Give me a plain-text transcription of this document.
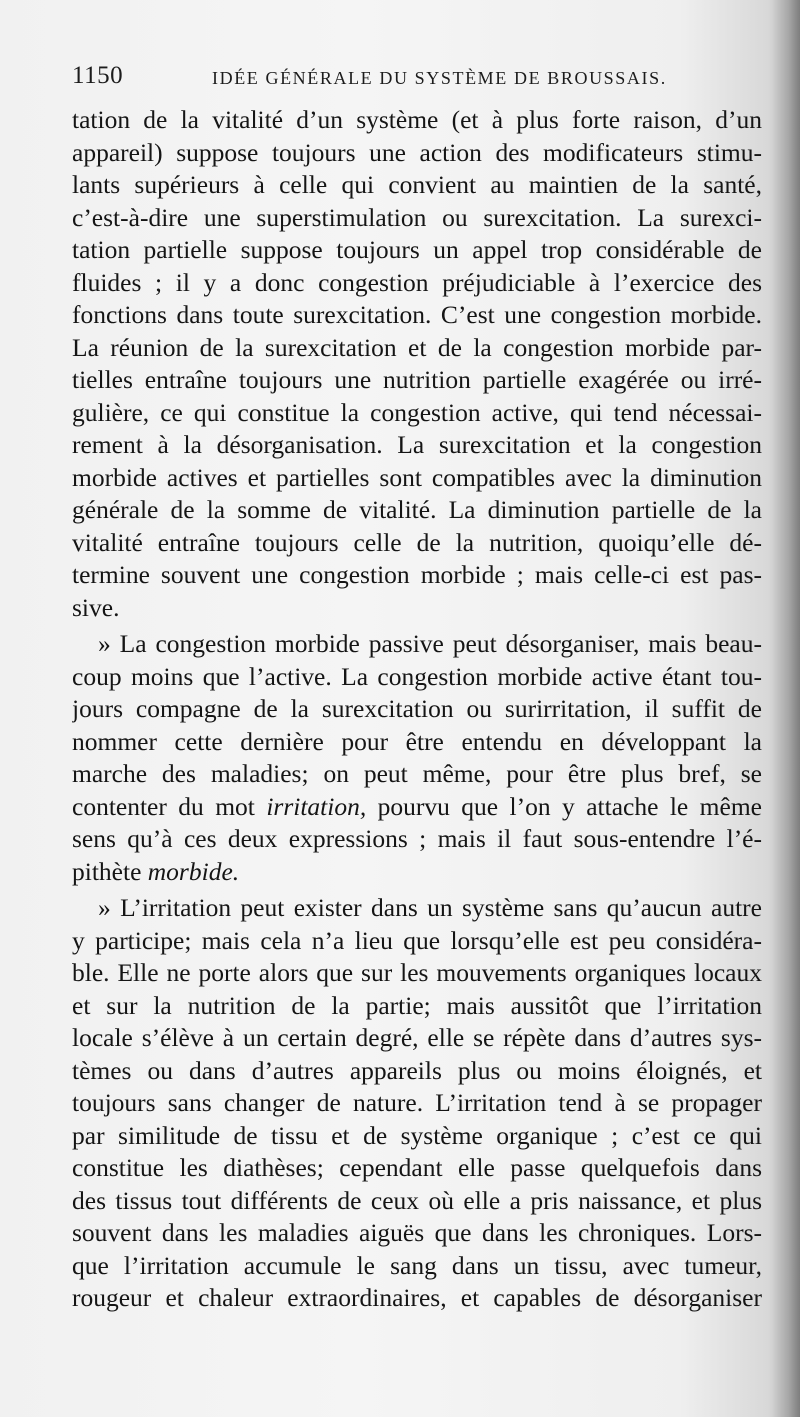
1150	IDÉE GÉNÉRALE DU SYSTÈME DE BROUSSAIS.
tation de la vitalité d’un système (et à plus forte raison, d’un
appareil) suppose toujours une action des modificateurs stimu-
lants supérieurs à celle qui convient au maintien de la santé,
c’est-à-dire une superstimulation ou surexcitation. La surexci-
tation partielle suppose toujours un appel trop considérable de
fluides ; il y a donc congestion préjudiciable à l’exercice des
fonctions dans toute surexcitation. C’est une congestion morbide.
La réunion de la surexcitation et de la congestion morbide par-
tielles entraîne toujours une nutrition partielle exagérée ou irré-
gulière, ce qui constitue la congestion active, qui tend nécessai-
rement à la désorganisation. La surexcitation et la congestion
morbide actives et partielles sont compatibles avec la diminution
générale de la somme de vitalité. La diminution partielle de la
vitalité entraîne toujours celle de la nutrition, quoiqu’elle dé-
termine souvent une congestion morbide ; mais celle-ci est pas-
sive.
» La congestion morbide passive peut désorganiser, mais beau-
coup moins que l’active. La congestion morbide active étant tou-
jours compagne de la surexcitation ou surirritation, il suffit de
nommer cette dernière pour être entendu en développant la
marche des maladies; on peut même, pour être plus bref, se
contenter du mot irritation, pourvu que l’on y attache le même
sens qu’à ces deux expressions ; mais il faut sous-entendre l’é-
pithète morbide.
» L’irritation peut exister dans un système sans qu’aucun autre
y participe; mais cela n’a lieu que lorsqu’elle est peu considéra-
ble. Elle ne porte alors que sur les mouvements organiques locaux
et sur la nutrition de la partie; mais aussitôt que l’irritation
locale s’élève à un certain degré, elle se répète dans d’autres sys-
tèmes ou dans d’autres appareils plus ou moins éloignés, et
toujours sans changer de nature. L’irritation tend à se propager
par similitude de tissu et de système organique ; c’est ce qui
constitue les diathèses; cependant elle passe quelquefois dans
des tissus tout différents de ceux où elle a pris naissance, et plus
souvent dans les maladies aiguës que dans les chroniques. Lors-
que l’irritation accumule le sang dans un tissu, avec tumeur,
rougeur et chaleur extraordinaires, et capables de désorganiser
